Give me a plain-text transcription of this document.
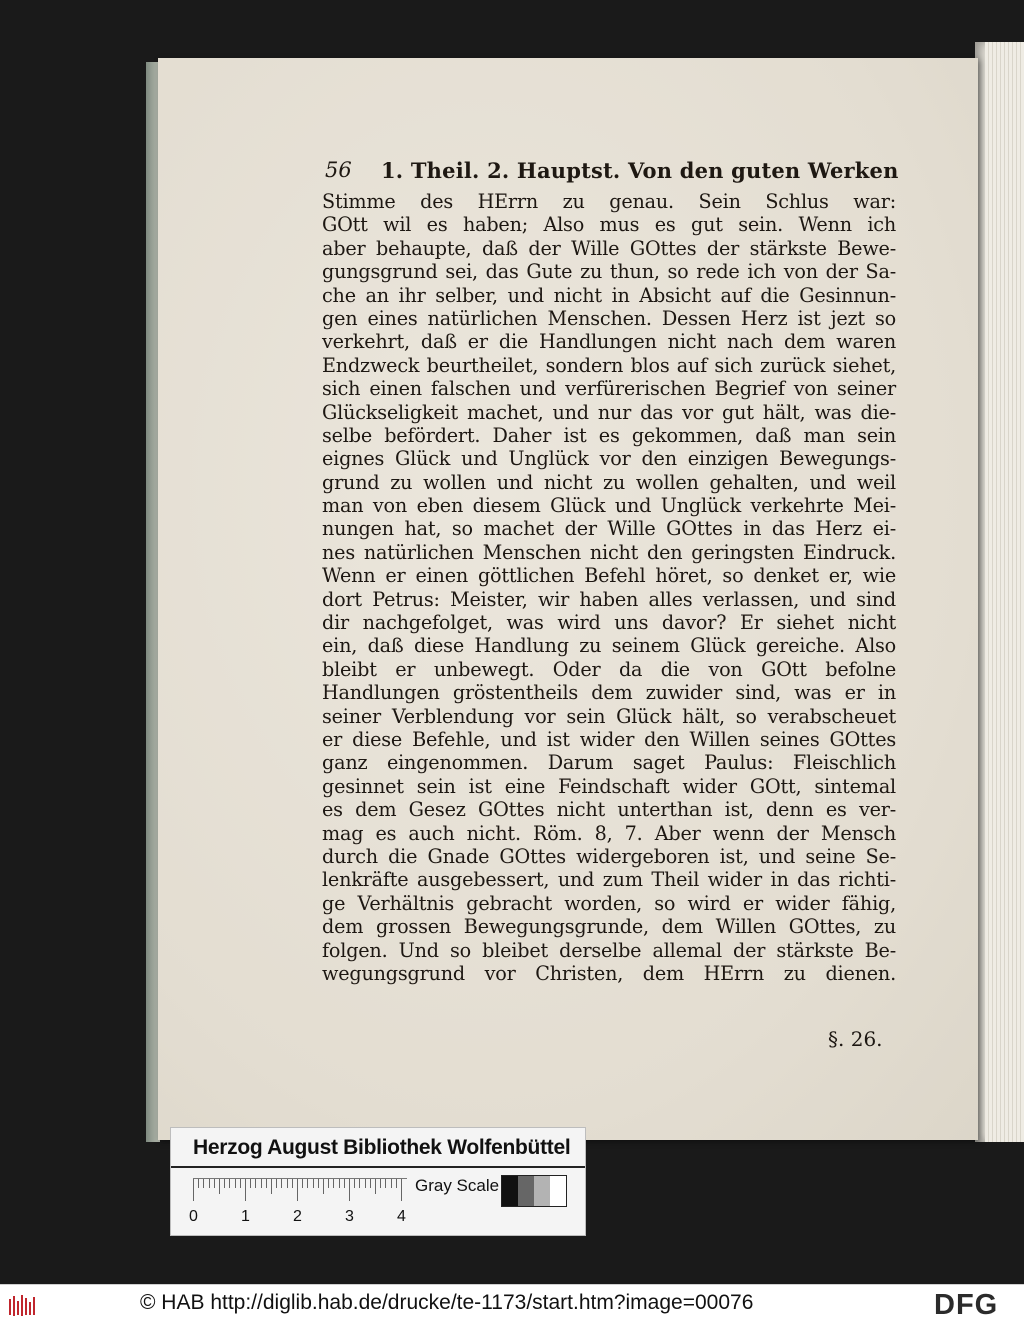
56 1. Theil. 2. Hauptst. Von den guten Werken
Stimme des HErrn zu genau. Sein Schlus war:
GOtt wil es haben; Also mus es gut sein. Wenn ich
aber behaupte, daß der Wille GOttes der stärkste Bewe-
gungsgrund sei, das Gute zu thun, so rede ich von der Sa-
che an ihr selber, und nicht in Absicht auf die Gesinnun-
gen eines natürlichen Menschen. Dessen Herz ist jezt so
verkehrt, daß er die Handlungen nicht nach dem waren
Endzweck beurtheilet, sondern blos auf sich zurück siehet,
sich einen falschen und verfürerischen Begrief von seiner
Glückseligkeit machet, und nur das vor gut hält, was die-
selbe befördert. Daher ist es gekommen, daß man sein
eignes Glück und Unglück vor den einzigen Bewegungs-
grund zu wollen und nicht zu wollen gehalten, und weil
man von eben diesem Glück und Unglück verkehrte Mei-
nungen hat, so machet der Wille GOttes in das Herz ei-
nes natürlichen Menschen nicht den geringsten Eindruck.
Wenn er einen göttlichen Befehl höret, so denket er, wie
dort Petrus: Meister, wir haben alles verlassen, und sind
dir nachgefolget, was wird uns davor? Er siehet nicht
ein, daß diese Handlung zu seinem Glück gereiche. Also
bleibt er unbewegt. Oder da die von GOtt befolne
Handlungen gröstentheils dem zuwider sind, was er in
seiner Verblendung vor sein Glück hält, so verabscheuet
er diese Befehle, und ist wider den Willen seines GOttes
ganz eingenommen. Darum saget Paulus: Fleischlich
gesinnet sein ist eine Feindschaft wider GOtt, sintemal
es dem Gesez GOttes nicht unterthan ist, denn es ver-
mag es auch nicht. Röm. 8, 7. Aber wenn der Mensch
durch die Gnade GOttes widergeboren ist, und seine Se-
lenkräfte ausgebessert, und zum Theil wider in das richti-
ge Verhältnis gebracht worden, so wird er wider fähig,
dem grossen Bewegungsgrunde, dem Willen GOttes, zu
folgen. Und so bleibet derselbe allemal der stärkste Be-
wegungsgrund vor Christen, dem HErrn zu dienen.
§. 26.
Herzog August Bibliothek Wolfenbüttel
0	1	2	3	4
Gray Scale
© HAB http://diglib.hab.de/drucke/te-1173/start.htm?image=00076	DFG
